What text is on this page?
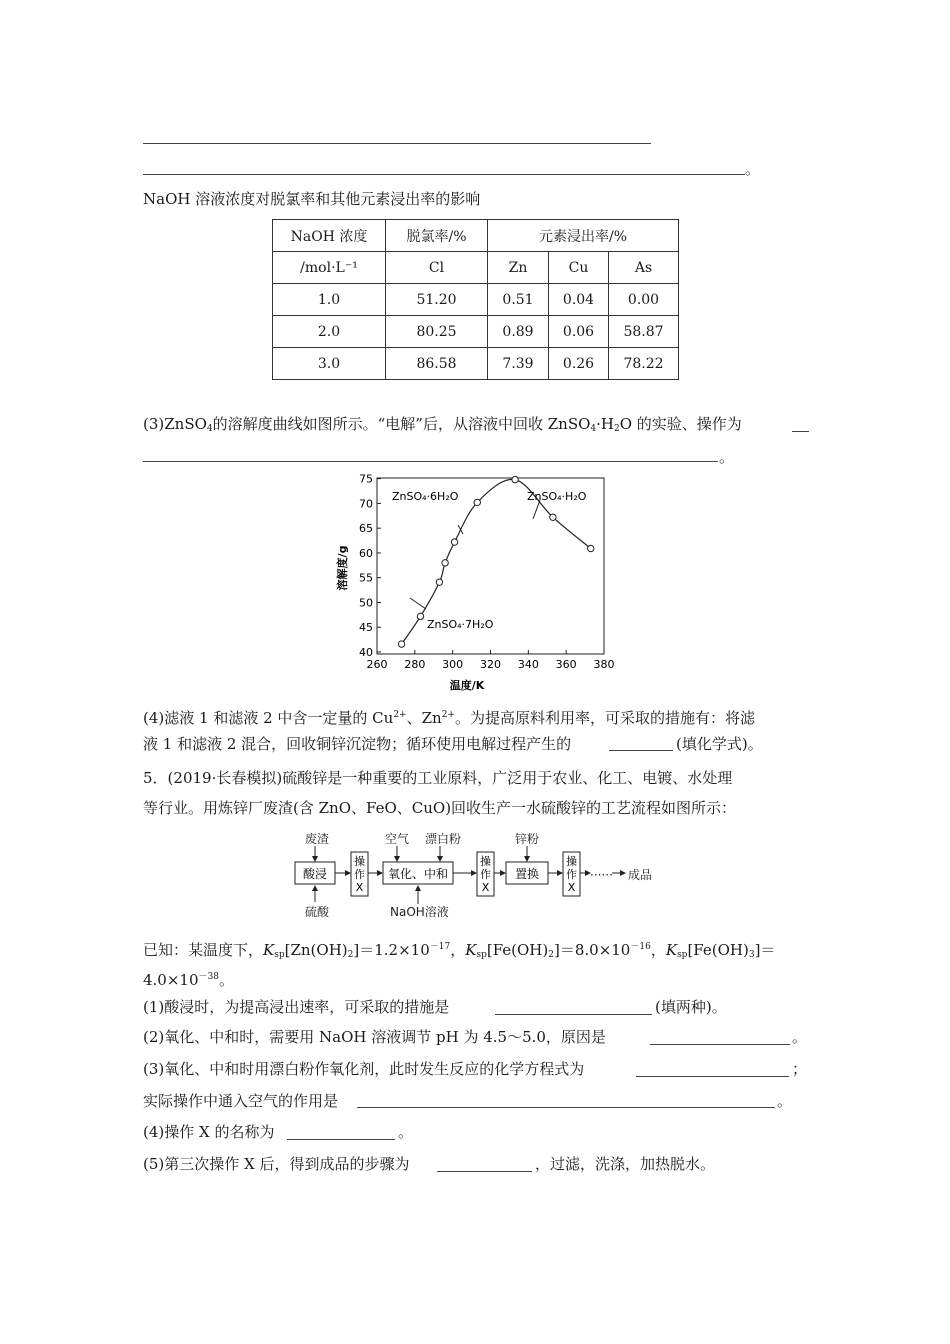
。
NaOH 溶液浓度对脱氯率和其他元素浸出率的影响
NaOH 浓度	脱氯率/%	元素浸出率/%		
/mol·L⁻¹	Cl	Zn	Cu	As
1.0	51.20	0.51	0.04	0.00
2.0	80.25	0.89	0.06	58.87
3.0	86.58	7.39	0.26	78.22
(3)ZnSO$_4$的溶解度曲线如图所示。“电解”后，从溶液中回收 $ZnSO_4\cdot H_2O$ 的实验、操作为
。
40
45
50
55
60
65
70
75
260 280 300 320 340 360 380
ZnSO₄·6H₂O	ZnSO₄·H₂O
ZnSO₄·7H₂O
温度/K
溶解度/g
(4)滤液 1 和滤液 2 中含一定量的 $Cu^{2+}$、$Zn^{2+}$。为提高原料利用率，可采取的措施有：将滤
液 1 和滤液 2 混合，回收铜锌沉淀物；循环使用电解过程产生的	(填化学式)。
5．(2019·长春模拟)硫酸锌是一种重要的工业原料，广泛用于农业、化工、电镀、水处理
等行业。用炼锌厂废渣(含 ZnO、FeO、CuO)回收生产一水硫酸锌的工艺流程如图所示：
废渣	空气 漂白粉	锌粉
硫酸	NaOH溶液
······ 成品
酸浸	氧化、中和	置换
操
作
X
操
作
X
操
作
X
已知：某温度下，$K_{sp}[Zn(OH)_2]=1.2\times 10^{-17}$，$K_{sp}[Fe(OH)_2]=8.0\times 10^{-16}$，$K_{sp}[Fe(OH)_3]=$
$4.0\times 10^{-38}$。
(1)酸浸时，为提高浸出速率，可采取的措施是	(填两种)。
(2)氧化、中和时，需要用 NaOH 溶液调节 pH 为 4.5～5.0，原因是	。
(3)氧化、中和时用漂白粉作氧化剂，此时发生反应的化学方程式为	；
实际操作中通入空气的作用是	。
(4)操作 X 的名称为	。
(5)第三次操作 X 后，得到成品的步骤为	，过滤，洗涤，加热脱水。
